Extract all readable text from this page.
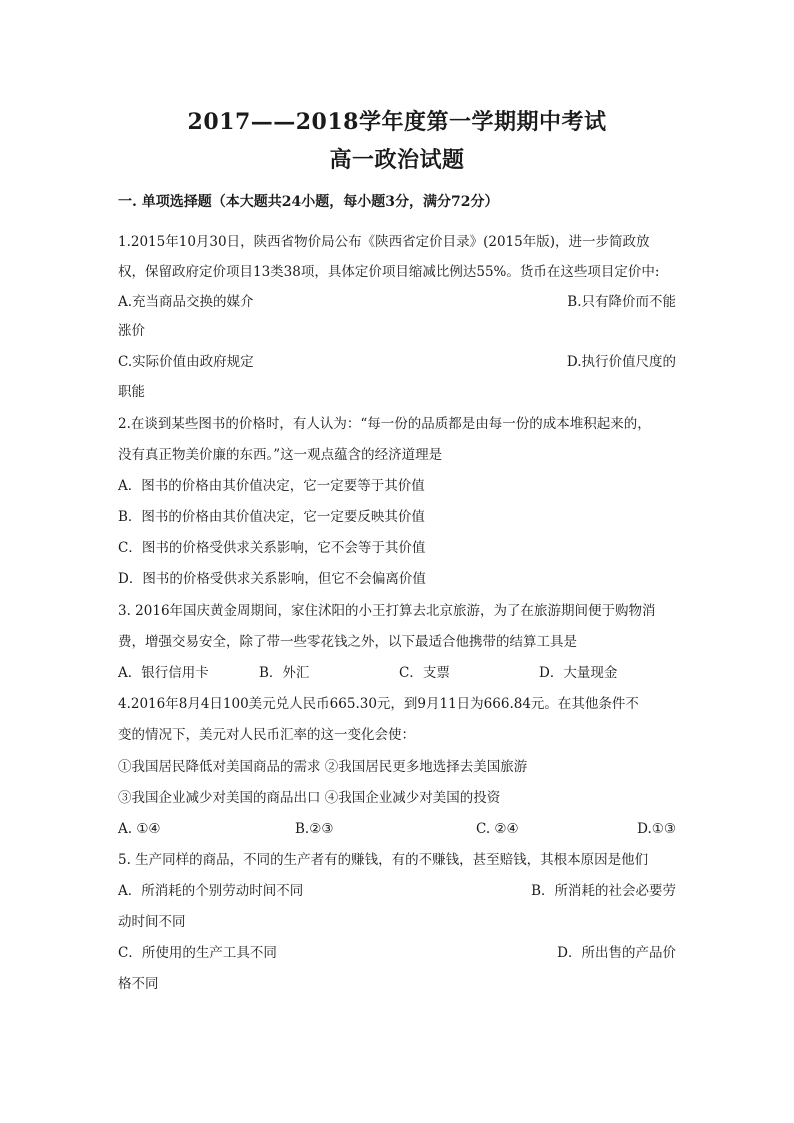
2017——2018学年度第一学期期中考试
高一政治试题
一. 单项选择题（本大题共24小题，每小题3分，满分72分）
1.2015年10月30日，陕西省物价局公布《陕西省定价目录》(2015年版)，进一步简政放
权，保留政府定价项目13类38项，具体定价项目缩减比例达55%。货币在这些项目定价中:
A.充当商品交换的媒介	B.只有降价而不能
涨价
C.实际价值由政府规定	D.执行价值尺度的
职能
2.在谈到某些图书的价格时，有人认为：“每一份的品质都是由每一份的成本堆积起来的，
没有真正物美价廉的东西。”这一观点蕴含的经济道理是
A．图书的价格由其价值决定，它一定要等于其价值
B．图书的价格由其价值决定，它一定要反映其价值
C．图书的价格受供求关系影响，它不会等于其价值
D．图书的价格受供求关系影响，但它不会偏离价值
3. 2016年国庆黄金周期间，家住沭阳的小王打算去北京旅游，为了在旅游期间便于购物消
费，增强交易安全，除了带一些零花钱之外，以下最适合他携带的结算工具是
A．银行信用卡	B．外汇	C．支票	D．大量现金
4.2016年8月4日100美元兑人民币665.30元，到9月11日为666.84元。在其他条件不
变的情况下，美元对人民币汇率的这一变化会使：
①我国居民降低对美国商品的需求 ②我国居民更多地选择去美国旅游
③我国企业减少对美国的商品出口 ④我国企业减少对美国的投资
A. ①④	B.②③	C. ②④	D.①③
5. 生产同样的商品，不同的生产者有的赚钱，有的不赚钱，甚至赔钱，其根本原因是他们
A．所消耗的个别劳动时间不同	B．所消耗的社会必要劳
动时间不同
C．所使用的生产工具不同	D．所出售的产品价
格不同
